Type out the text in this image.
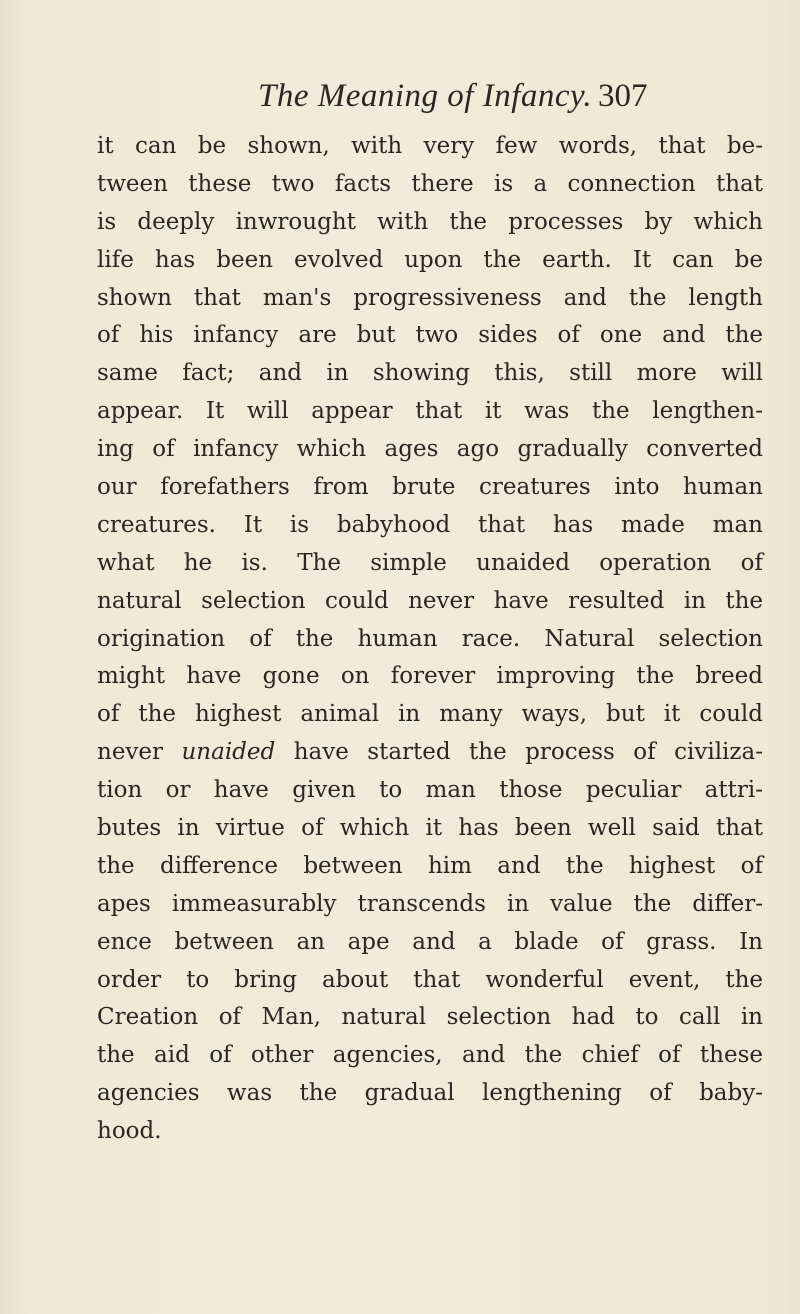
The Meaning of Infancy. 307
it can be shown, with very few words, that be-
tween these two facts there is a connection that
is deeply inwrought with the processes by which
life has been evolved upon the earth. It can be
shown that man's progressiveness and the length
of his infancy are but two sides of one and the
same fact; and in showing this, still more will
appear. It will appear that it was the lengthen-
ing of infancy which ages ago gradually converted
our forefathers from brute creatures into human
creatures. It is babyhood that has made man
what he is. The simple unaided operation of
natural selection could never have resulted in the
origination of the human race. Natural selection
might have gone on forever improving the breed
of the highest animal in many ways, but it could
never unaided have started the process of civiliza-
tion or have given to man those peculiar attri-
butes in virtue of which it has been well said that
the difference between him and the highest of
apes immeasurably transcends in value the differ-
ence between an ape and a blade of grass. In
order to bring about that wonderful event, the
Creation of Man, natural selection had to call in
the aid of other agencies, and the chief of these
agencies was the gradual lengthening of baby-
hood.
